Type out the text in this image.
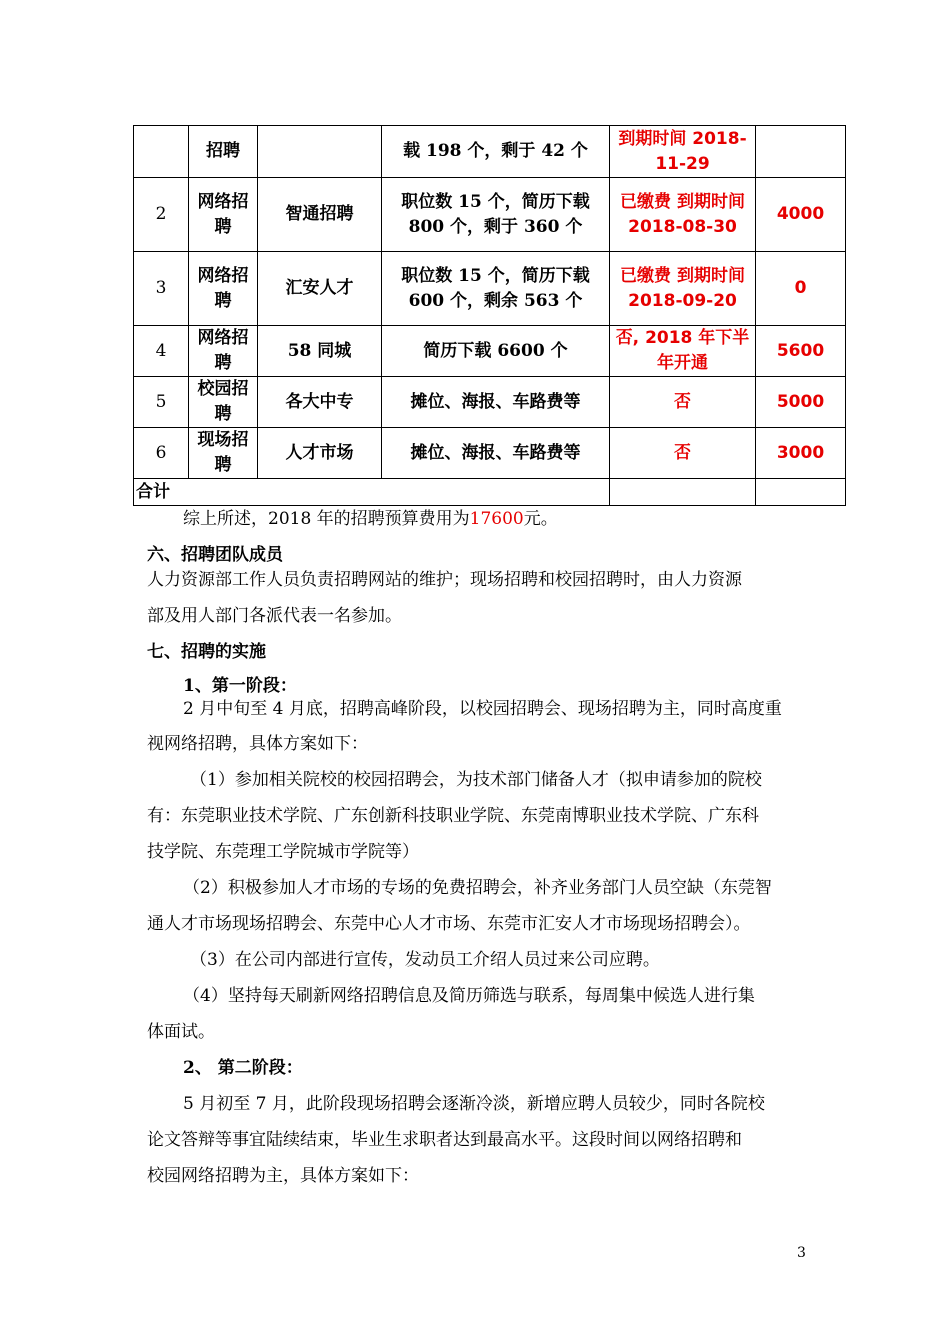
	招聘		载 198 个，剩于 42 个	到期时间 2018-11-29	
2	网络招聘	智通招聘	职位数 15 个，简历下载 800 个，剩于 360 个	已缴费 到期时间 2018-08-30	4000
3	网络招聘	汇安人才	职位数 15 个，简历下载 600 个，剩余 563 个	已缴费 到期时间 2018-09-20	0
4	网络招聘	58 同城	简历下载 6600 个	否, 2018 年下半年开通	5600
5	校园招聘	各大中专	摊位、海报、车路费等	否	5000
6	现场招聘	人才市场	摊位、海报、车路费等	否	3000
合计					
综上所述，2018 年的招聘预算费用为17600元。
六、招聘团队成员
人力资源部工作人员负责招聘网站的维护；现场招聘和校园招聘时，由人力资源
部及用人部门各派代表一名参加。
七、招聘的实施
1、第一阶段：
2 月中旬至 4 月底，招聘高峰阶段，以校园招聘会、现场招聘为主，同时高度重
视网络招聘，具体方案如下：
（1）参加相关院校的校园招聘会，为技术部门储备人才（拟申请参加的院校
有：东莞职业技术学院、广东创新科技职业学院、东莞南博职业技术学院、广东科
技学院、东莞理工学院城市学院等）
（2）积极参加人才市场的专场的免费招聘会，补齐业务部门人员空缺（东莞智
通人才市场现场招聘会、东莞中心人才市场、东莞市汇安人才市场现场招聘会）。
（3）在公司内部进行宣传，发动员工介绍人员过来公司应聘。
（4）坚持每天刷新网络招聘信息及简历筛选与联系，每周集中候选人进行集
体面试。
2、 第二阶段：
5 月初至 7 月，此阶段现场招聘会逐渐冷淡，新增应聘人员较少，同时各院校
论文答辩等事宜陆续结束，毕业生求职者达到最高水平。这段时间以网络招聘和
校园网络招聘为主，具体方案如下：
3
